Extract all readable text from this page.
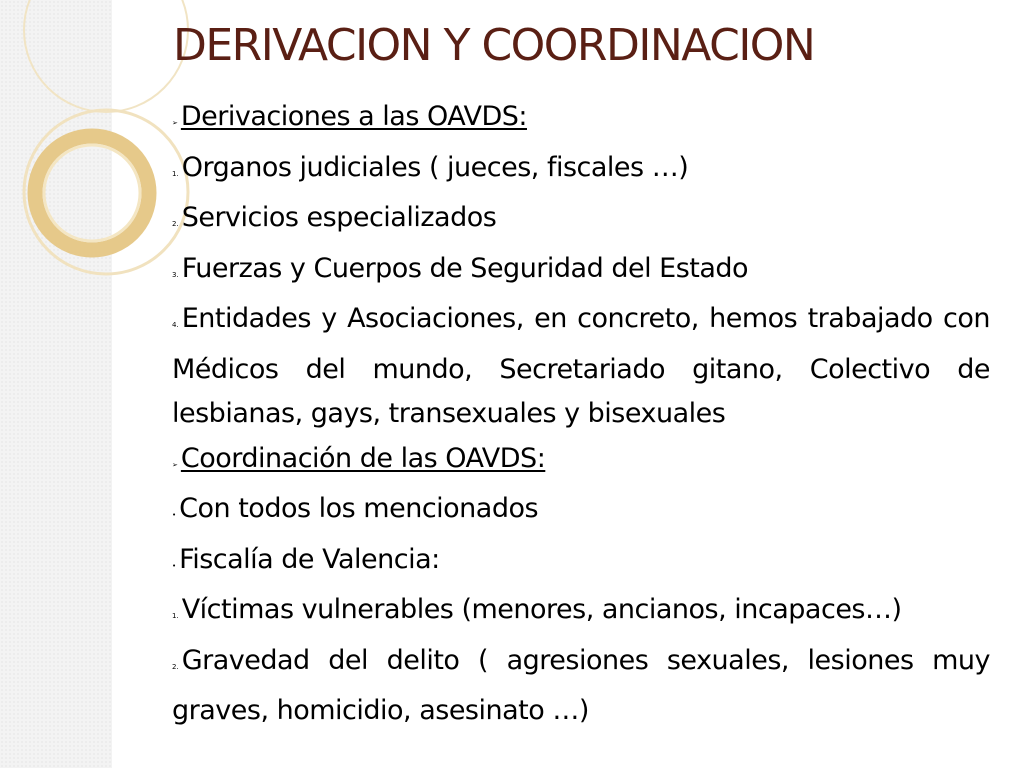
DERIVACION Y COORDINACION
➢ Derivaciones a las OAVDS:
1. Organos judiciales ( jueces, fiscales …)
2. Servicios especializados
3. Fuerzas y Cuerpos de Seguridad del Estado
4. Entidades y Asociaciones, en concreto, hemos trabajado con Médicos del mundo, Secretariado gitano, Colectivo de lesbianas, gays, transexuales y bisexuales
➢ Coordinación de las OAVDS:
• Con todos los mencionados
• Fiscalía de Valencia:
1. Víctimas vulnerables (menores, ancianos, incapaces…)
2. Gravedad del delito ( agresiones sexuales, lesiones muy graves, homicidio, asesinato …)
